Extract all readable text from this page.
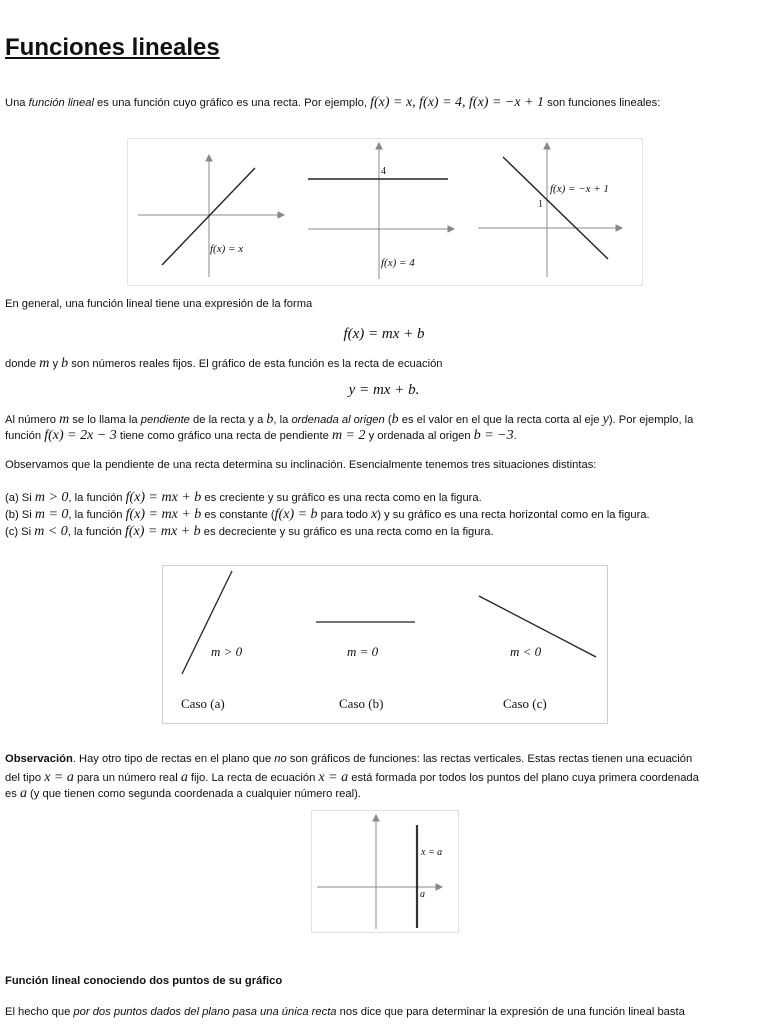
Funciones lineales
Una función lineal es una función cuyo gráfico es una recta. Por ejemplo, f(x) = x, f(x) = 4, f(x) = −x + 1 son funciones lineales:
f(x) = x
4
f(x) = 4
f(x) = −x + 1
1
En general, una función lineal tiene una expresión de la forma
f(x) = mx + b
donde m y b son números reales fijos. El gráfico de esta función es la recta de ecuación
y = mx + b.
Al número m se lo llama la pendiente de la recta y a b, la ordenada al origen (b es el valor en el que la recta corta al eje y). Por ejemplo, la
función f(x) = 2x − 3 tiene como gráfico una recta de pendiente m = 2 y ordenada al origen b = −3.
Observamos que la pendiente de una recta determina su inclinación. Esencialmente tenemos tres situaciones distintas:
(a) Si m > 0, la función f(x) = mx + b es creciente y su gráfico es una recta como en la figura.
(b) Si m = 0, la función f(x) = mx + b es constante (f(x) = b para todo x) y su gráfico es una recta horizontal como en la figura.
(c) Si m < 0, la función f(x) = mx + b es decreciente y su gráfico es una recta como en la figura.
m > 0	m = 0	m < 0
Caso (a)	Caso (b)	Caso (c)
Observación. Hay otro tipo de rectas en el plano que no son gráficos de funciones: las rectas verticales. Estas rectas tienen una ecuación
del tipo x = a para un número real a fijo. La recta de ecuación x = a está formada por todos los puntos del plano cuya primera coordenada
es a (y que tienen como segunda coordenada a cualquier número real).
x = a
a
Función lineal conociendo dos puntos de su gráfico
El hecho que por dos puntos dados del plano pasa una única recta nos dice que para determinar la expresión de una función lineal basta
